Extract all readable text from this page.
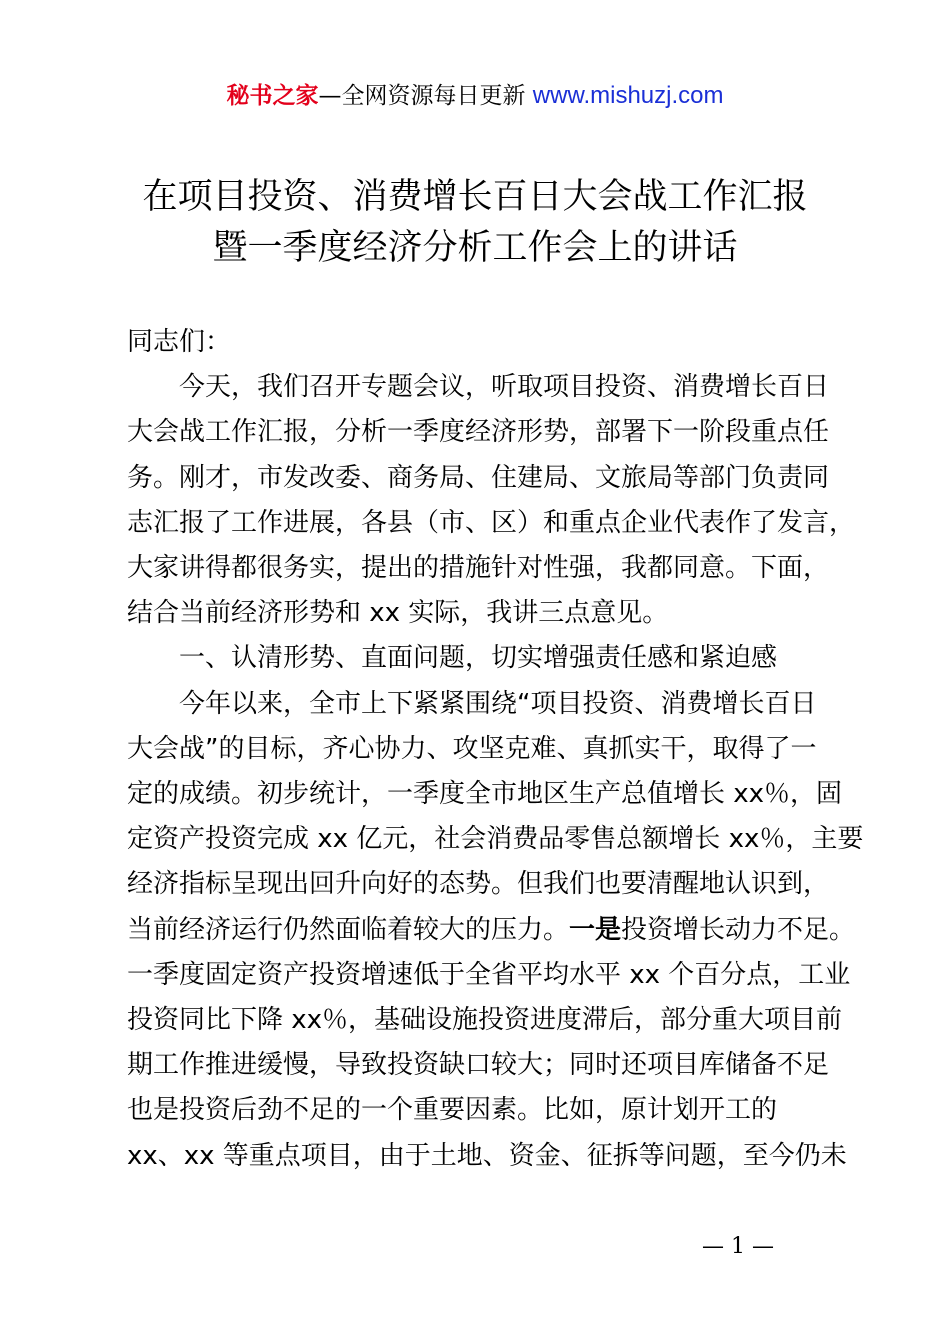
秘书之家—全网资源每日更新 www.mishuzj.com
在项目投资、消费增长百日大会战工作汇报
暨一季度经济分析工作会上的讲话

同志们：

今天，我们召开专题会议，听取项目投资、消费增长百日
大会战工作汇报，分析一季度经济形势，部署下一阶段重点任
务。刚才，市发改委、商务局、住建局、文旅局等部门负责同
志汇报了工作进展，各县（市、区）和重点企业代表作了发言，
大家讲得都很务实，提出的措施针对性强，我都同意。下面，
结合当前经济形势和 xx 实际，我讲三点意见。

一、认清形势、直面问题，切实增强责任感和紧迫感

今年以来，全市上下紧紧围绕“项目投资、消费增长百日
大会战”的目标，齐心协力、攻坚克难、真抓实干，取得了一
定的成绩。初步统计，一季度全市地区生产总值增长 xx％，固
定资产投资完成 xx 亿元，社会消费品零售总额增长 xx％，主要
经济指标呈现出回升向好的态势。但我们也要清醒地认识到，
当前经济运行仍然面临着较大的压力。一是投资增长动力不足。
一季度固定资产投资增速低于全省平均水平 xx 个百分点，工业
投资同比下降 xx％，基础设施投资进度滞后，部分重大项目前
期工作推进缓慢，导致投资缺口较大；同时还项目库储备不足
也是投资后劲不足的一个重要因素。比如，原计划开工的
xx、xx 等重点项目，由于土地、资金、征拆等问题，至今仍未

— 1 —
